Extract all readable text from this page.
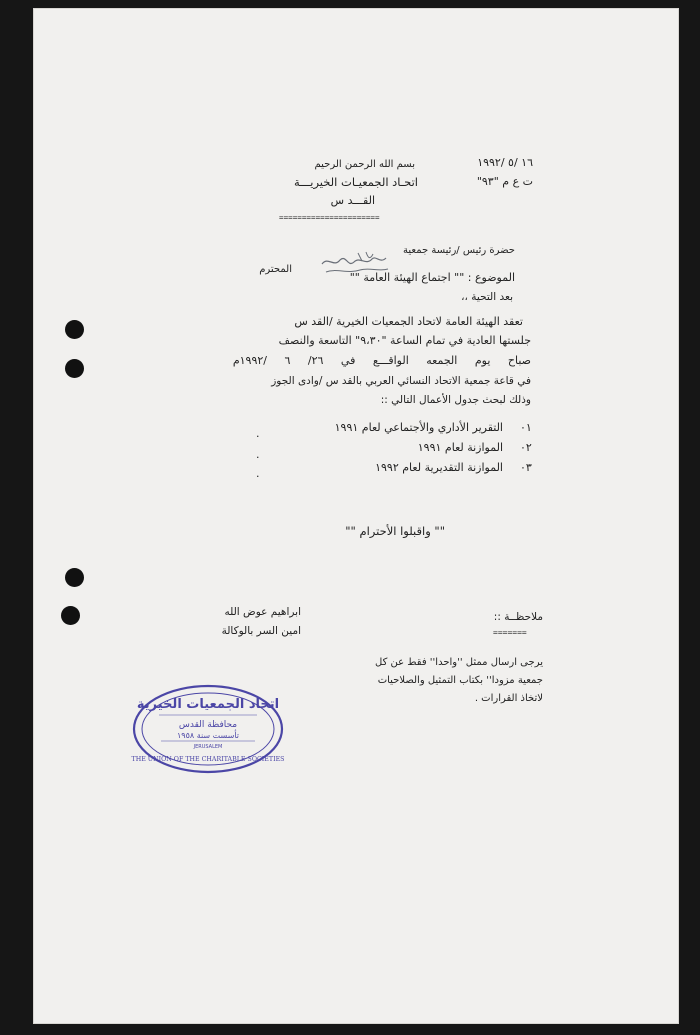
١٦ /٥ /١٩٩٢
بسم الله الرحمن الرحيم
ت ع م "٩٣"
اتحـاد الجمعيـات الخيريـــة
القـــد س
======================
حضرة رئيس /رئيسة جمعية
المحترم
الموضوع : "" اجتماع الهيئة العامة ""
بعد التحية ،،
تعقد الهيئة العامة لاتحاد الجمعيات الخيرية /القد س
جلستها العادية في تمام الساعة "٩،٣٠" التاسعة والنصف
صباح يوم الجمعه الواقـــع في ٢٦/ ٦ /١٩٩٢م
في قاعة جمعية الاتحاد النسائي العربي بالقد س /وادى الجوز
وذلك لبحث جدول الأعمال التالي ::
٠١
التقرير الأداري والأجتماعي لعام ١٩٩١
.
٠٢
الموازنة لعام ١٩٩١
.
٠٣
الموازنة التقديرية لعام ١٩٩٢
.
"" واقبلوا الأحترام ""
ابراهيم عوض الله
امين السر بالوكالة
ملاحظــة ::
=======
يرجى ارسال ممثل ''واحدا'' فقط عن كل
جمعية مزودا'' بكتاب التمثيل والصلاحيات
لاتخاذ القرارات .
اتحاد الجمعيات الخيرية
محافظة القدس
تأسست سنة ١٩٥٨
JERUSALEM
THE UNION OF THE CHARITABLE SOCIETIES
